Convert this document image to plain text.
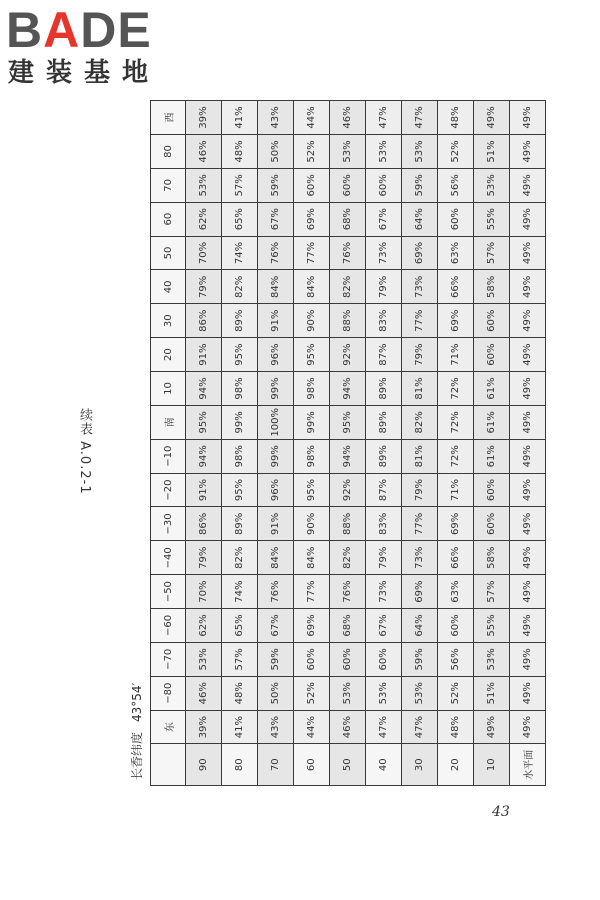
BADE
建装基地
续表 A.0.2-1
长香
纬度43°54′
	东	−80	−70	−60	−50	−40	−30	−20	−10	南	10	20	30	40	50	60	70	80	西
90	39%	46%	53%	62%	70%	79%	86%	91%	94%	95%	94%	91%	86%	79%	70%	62%	53%	46%	39%
80	41%	48%	57%	65%	74%	82%	89%	95%	98%	99%	98%	95%	89%	82%	74%	65%	57%	48%	41%
70	43%	50%	59%	67%	76%	84%	91%	96%	99%	100%	99%	96%	91%	84%	76%	67%	59%	50%	43%
60	44%	52%	60%	69%	77%	84%	90%	95%	98%	99%	98%	95%	90%	84%	77%	69%	60%	52%	44%
50	46%	53%	60%	68%	76%	82%	88%	92%	94%	95%	94%	92%	88%	82%	76%	68%	60%	53%	46%
40	47%	53%	60%	67%	73%	79%	83%	87%	89%	89%	89%	87%	83%	79%	73%	67%	60%	53%	47%
30	47%	53%	59%	64%	69%	73%	77%	79%	81%	82%	81%	79%	77%	73%	69%	64%	59%	53%	47%
20	48%	52%	56%	60%	63%	66%	69%	71%	72%	72%	72%	71%	69%	66%	63%	60%	56%	52%	48%
10	49%	51%	53%	55%	57%	58%	60%	60%	61%	61%	61%	60%	60%	58%	57%	55%	53%	51%	49%
水平面	49%	49%	49%	49%	49%	49%	49%	49%	49%	49%	49%	49%	49%	49%	49%	49%	49%	49%	49%
43
